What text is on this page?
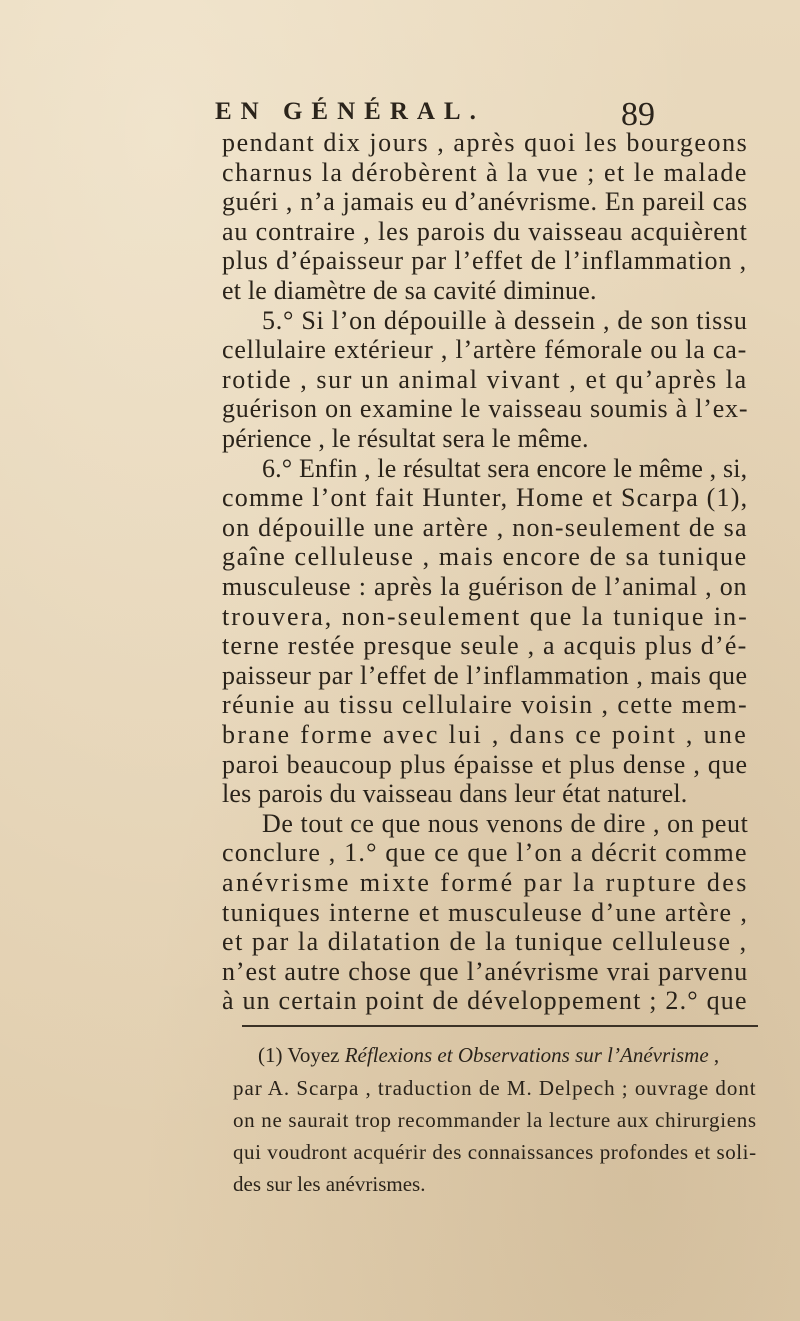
EN GÉNÉRAL.	89
pendant dix jours , après quoi les bourgeons
charnus la dérobèrent à la vue ; et le malade
guéri , n’a jamais eu d’anévrisme. En pareil cas
au contraire , les parois du vaisseau acquièrent
plus d’épaisseur par l’effet de l’inflammation ,
et le diamètre de sa cavité diminue.
5.° Si l’on dépouille à dessein , de son tissu
cellulaire extérieur , l’artère fémorale ou la ca-
rotide , sur un animal vivant , et qu’après la
guérison on examine le vaisseau soumis à l’ex-
périence , le résultat sera le même.
6.° Enfin , le résultat sera encore le même , si,
comme l’ont fait Hunter, Home et Scarpa (1),
on dépouille une artère , non-seulement de sa
gaîne celluleuse , mais encore de sa tunique
musculeuse : après la guérison de l’animal , on
trouvera, non-seulement que la tunique in-
terne restée presque seule , a acquis plus d’é-
paisseur par l’effet de l’inflammation , mais que
réunie au tissu cellulaire voisin , cette mem-
brane forme avec lui , dans ce point , une
paroi beaucoup plus épaisse et plus dense , que
les parois du vaisseau dans leur état naturel.
De tout ce que nous venons de dire , on peut
conclure , 1.° que ce que l’on a décrit comme
anévrisme mixte formé par la rupture des
tuniques interne et musculeuse d’une artère ,
et par la dilatation de la tunique celluleuse ,
n’est autre chose que l’anévrisme vrai parvenu
à un certain point de développement ; 2.° que
(1) Voyez Réflexions et Observations sur l’Anévrisme ,
par A. Scarpa , traduction de M. Delpech ; ouvrage dont
on ne saurait trop recommander la lecture aux chirurgiens
qui voudront acquérir des connaissances profondes et soli-
des sur les anévrismes.
